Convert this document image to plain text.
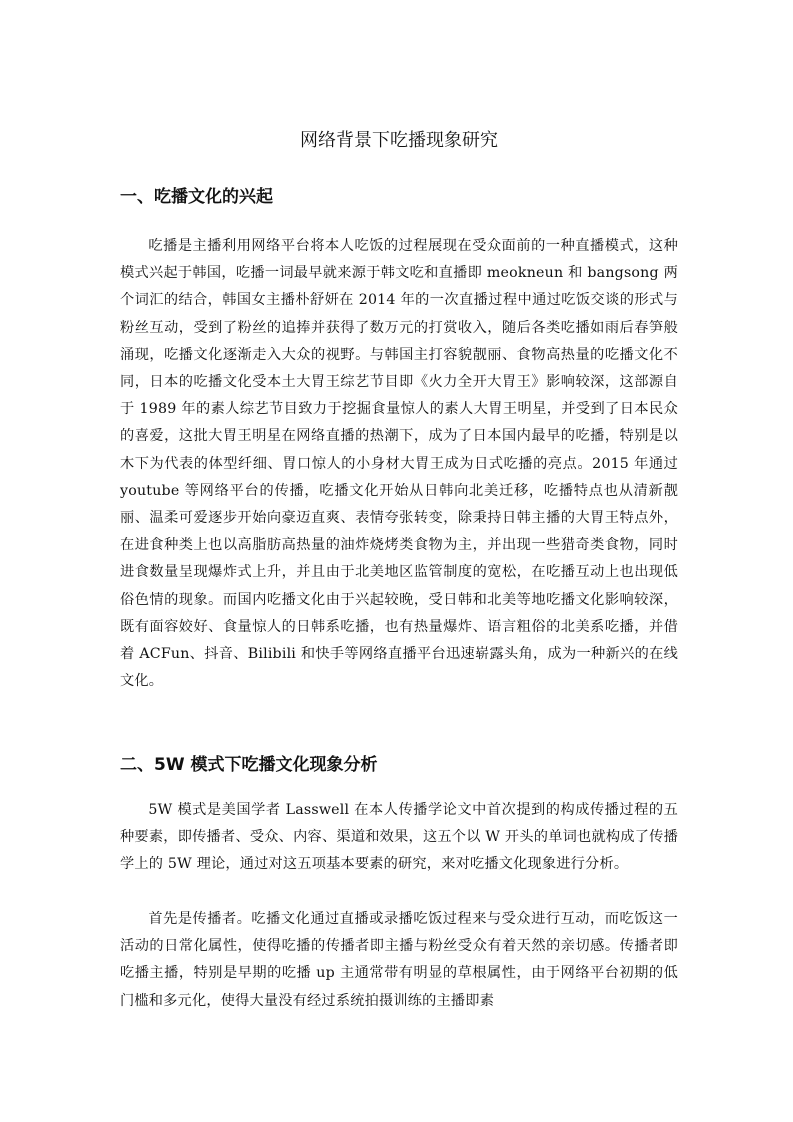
网络背景下吃播现象研究
一、吃播文化的兴起

吃播是主播利用网络平台将本人吃饭的过程展现在受众面前的一种直播模式，这种模式兴起于韩国，吃播一词最早就来源于韩文吃和直播即 meokneun 和 bangsong 两个词汇的结合，韩国女主播朴舒妍在 2014 年的一次直播过程中通过吃饭交谈的形式与粉丝互动，受到了粉丝的追捧并获得了数万元的打赏收入，随后各类吃播如雨后春笋般涌现，吃播文化逐渐走入大众的视野。与韩国主打容貌靓丽、食物高热量的吃播文化不同，日本的吃播文化受本土大胃王综艺节目即《火力全开大胃王》影响较深，这部源自于 1989 年的素人综艺节目致力于挖掘食量惊人的素人大胃王明星，并受到了日本民众的喜爱，这批大胃王明星在网络直播的热潮下，成为了日本国内最早的吃播，特别是以木下为代表的体型纤细、胃口惊人的小身材大胃王成为日式吃播的亮点。2015 年通过 youtube 等网络平台的传播，吃播文化开始从日韩向北美迁移，吃播特点也从清新靓丽、温柔可爱逐步开始向豪迈直爽、表情夸张转变，除秉持日韩主播的大胃王特点外，在进食种类上也以高脂肪高热量的油炸烧烤类食物为主，并出现一些猎奇类食物，同时进食数量呈现爆炸式上升，并且由于北美地区监管制度的宽松，在吃播互动上也出现低俗色情的现象。而国内吃播文化由于兴起较晚，受日韩和北美等地吃播文化影响较深，既有面容姣好、食量惊人的日韩系吃播，也有热量爆炸、语言粗俗的北美系吃播，并借着 ACFun、抖音、Bilibili 和快手等网络直播平台迅速崭露头角，成为一种新兴的在线文化。

二、5W 模式下吃播文化现象分析

5W 模式是美国学者 Lasswell 在本人传播学论文中首次提到的构成传播过程的五种要素，即传播者、受众、内容、渠道和效果，这五个以 W 开头的单词也就构成了传播学上的 5W 理论，通过对这五项基本要素的研究，来对吃播文化现象进行分析。

首先是传播者。吃播文化通过直播或录播吃饭过程来与受众进行互动，而吃饭这一活动的日常化属性，使得吃播的传播者即主播与粉丝受众有着天然的亲切感。传播者即吃播主播，特别是早期的吃播 up 主通常带有明显的草根属性，由于网络平台初期的低门槛和多元化，使得大量没有经过系统拍摄训练的主播即素
